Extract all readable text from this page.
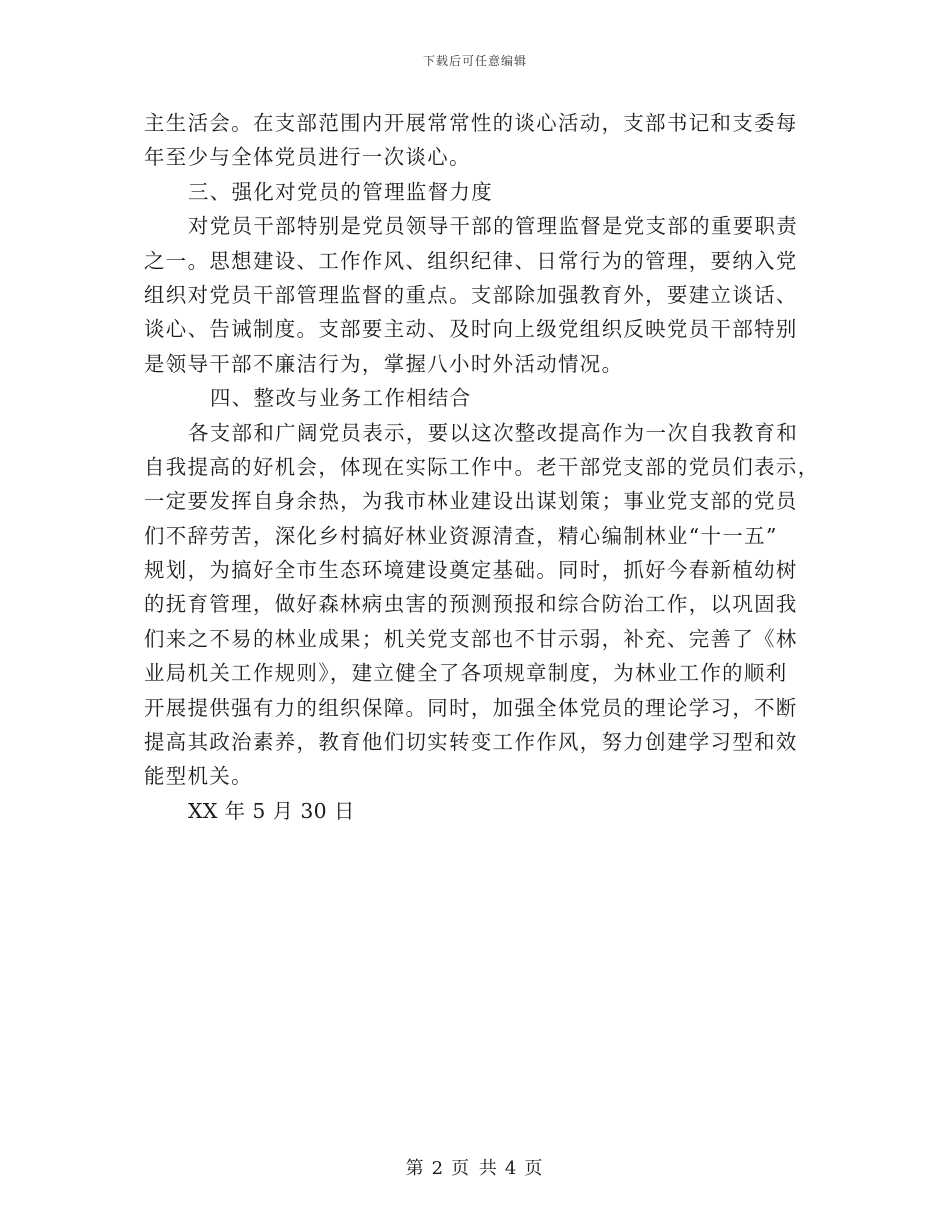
下载后可任意编辑
主生活会。在支部范围内开展常常性的谈心活动，支部书记和支委每
年至少与全体党员进行一次谈心。
三、强化对党员的管理监督力度
对党员干部特别是党员领导干部的管理监督是党支部的重要职责
之一。思想建设、工作作风、组织纪律、日常行为的管理，要纳入党
组织对党员干部管理监督的重点。支部除加强教育外，要建立谈话、
谈心、告诫制度。支部要主动、及时向上级党组织反映党员干部特别
是领导干部不廉洁行为，掌握八小时外活动情况。
四、整改与业务工作相结合
各支部和广阔党员表示，要以这次整改提高作为一次自我教育和
自我提高的好机会，体现在实际工作中。老干部党支部的党员们表示，
一定要发挥自身余热，为我市林业建设出谋划策；事业党支部的党员
们不辞劳苦，深化乡村搞好林业资源清查，精心编制林业“十一五”
规划，为搞好全市生态环境建设奠定基础。同时，抓好今春新植幼树
的抚育管理，做好森林病虫害的预测预报和综合防治工作，以巩固我
们来之不易的林业成果；机关党支部也不甘示弱，补充、完善了《林
业局机关工作规则》，建立健全了各项规章制度，为林业工作的顺利
开展提供强有力的组织保障。同时，加强全体党员的理论学习，不断
提高其政治素养，教育他们切实转变工作作风，努力创建学习型和效
能型机关。
XX 年 5 月 30 日
第 2 页 共 4 页
